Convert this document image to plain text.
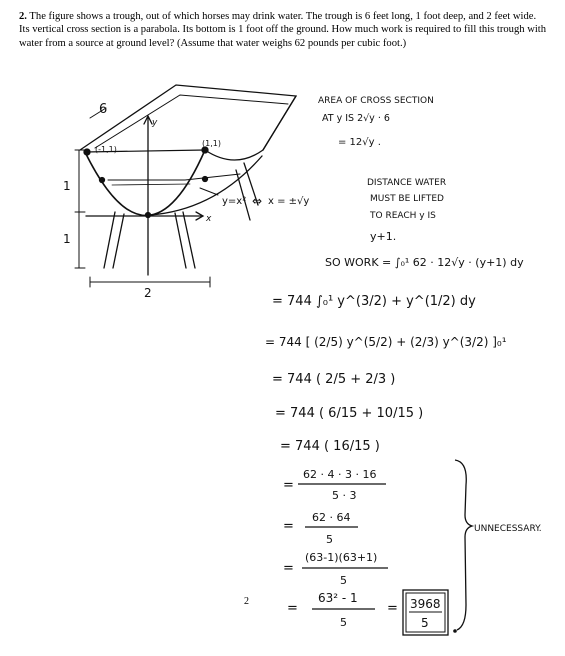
2. The figure shows a trough, out of which horses may drink water. The trough is 6 feet long, 1 foot deep, and 2 feet wide. Its vertical cross section is a parabola. Its bottom is 1 foot off the ground. How much work is required to fill this trough with water from a source at ground level? (Assume that water weighs 62 pounds per cubic foot.)
2
6
1
1
2
(-1,1)
(1,1)
y
x
y=x² ⇔ x = ±√y
AREA OF CROSS SECTION
AT y IS 2√y · 6
= 12√y .
DISTANCE WATER
MUST BE LIFTED
TO REACH y IS
y+1.
SO WORK = ∫₀¹ 62 · 12√y · (y+1) dy
= 744 ∫₀¹ y^(3/2) + y^(1/2) dy
= 744 [ (2/5) y^(5/2) + (2/3) y^(3/2) ]₀¹
= 744 ( 2/5 + 2/3 )
= 744 ( 6/15 + 10/15 )
= 744 ( 16/15 )
=
62 · 4 · 3 · 16
5 · 3
=
62 · 64
5
=
(63-1)(63+1)
5
=
63² - 1
5
= 3968
5
UNNECESSARY.
